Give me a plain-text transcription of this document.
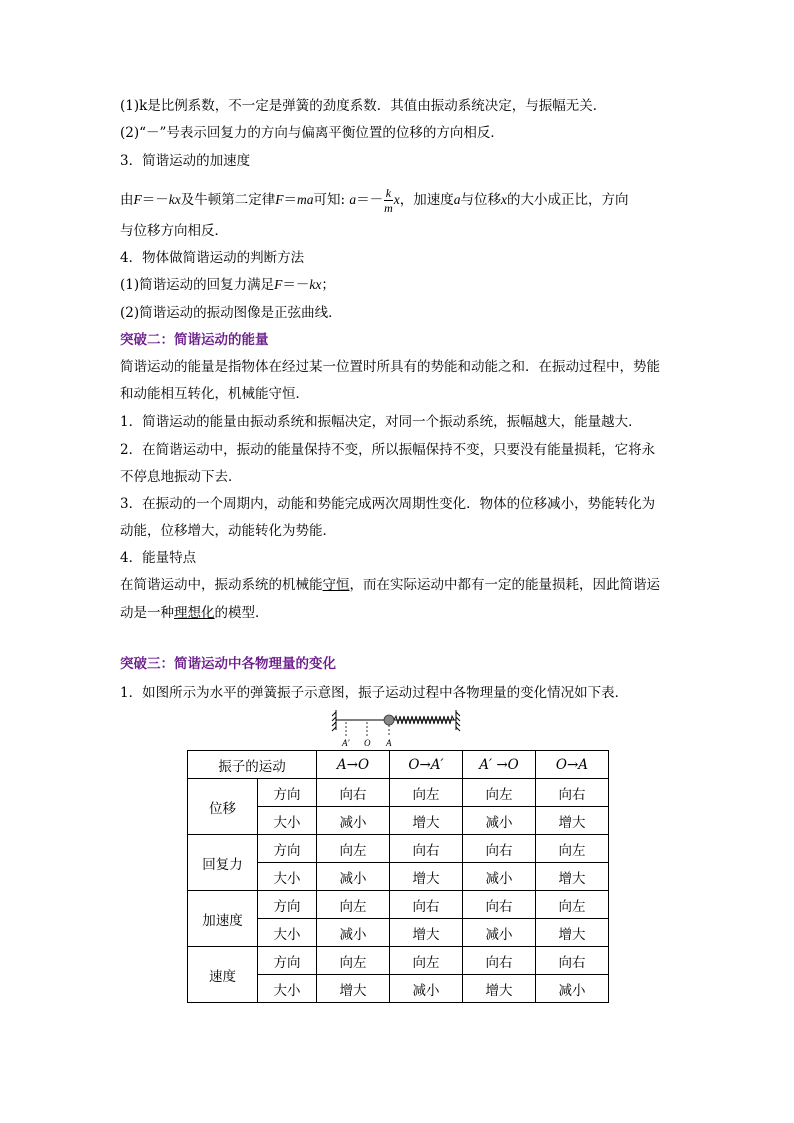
(1)k是比例系数，不一定是弹簧的劲度系数．其值由振动系统决定，与振幅无关．
(2)“－”号表示回复力的方向与偏离平衡位置的位移的方向相反．
3．简谐运动的加速度
由F＝－kx及牛顿第二定律F＝ma可知: $a=- \frac{k}{m}$ x，加速度a与位移x的大小成正比，方向
与位移方向相反．
4．物体做简谐运动的判断方法
(1)简谐运动的回复力满足F＝－kx；
(2)简谐运动的振动图像是正弦曲线．
突破二：简谐运动的能量
简谐运动的能量是指物体在经过某一位置时所具有的势能和动能之和．在振动过程中，势能
和动能相互转化，机械能守恒．
1．简谐运动的能量由振动系统和振幅决定，对同一个振动系统，振幅越大，能量越大．
2．在简谐运动中，振动的能量保持不变，所以振幅保持不变，只要没有能量损耗，它将永
不停息地振动下去．
3．在振动的一个周期内，动能和势能完成两次周期性变化．物体的位移减小，势能转化为
动能，位移增大，动能转化为势能．
4．能量特点
在简谐运动中，振动系统的机械能守恒，而在实际运动中都有一定的能量损耗，因此简谐运
动是一种理想化的模型．
突破三：简谐运动中各物理量的变化
1．如图所示为水平的弹簧振子示意图，振子运动过程中各物理量的变化情况如下表．
A′ O A
振子的运动		A→O	O→A′	A′ →O	O→A
位移	方向	向右	向左	向左	向右
	大小	减小	增大	减小	增大
回复力	方向	向左	向右	向右	向左
	大小	减小	增大	减小	增大
加速度	方向	向左	向右	向右	向左
	大小	减小	增大	减小	增大
速度	方向	向左	向左	向右	向右
	大小	增大	减小	增大	减小
